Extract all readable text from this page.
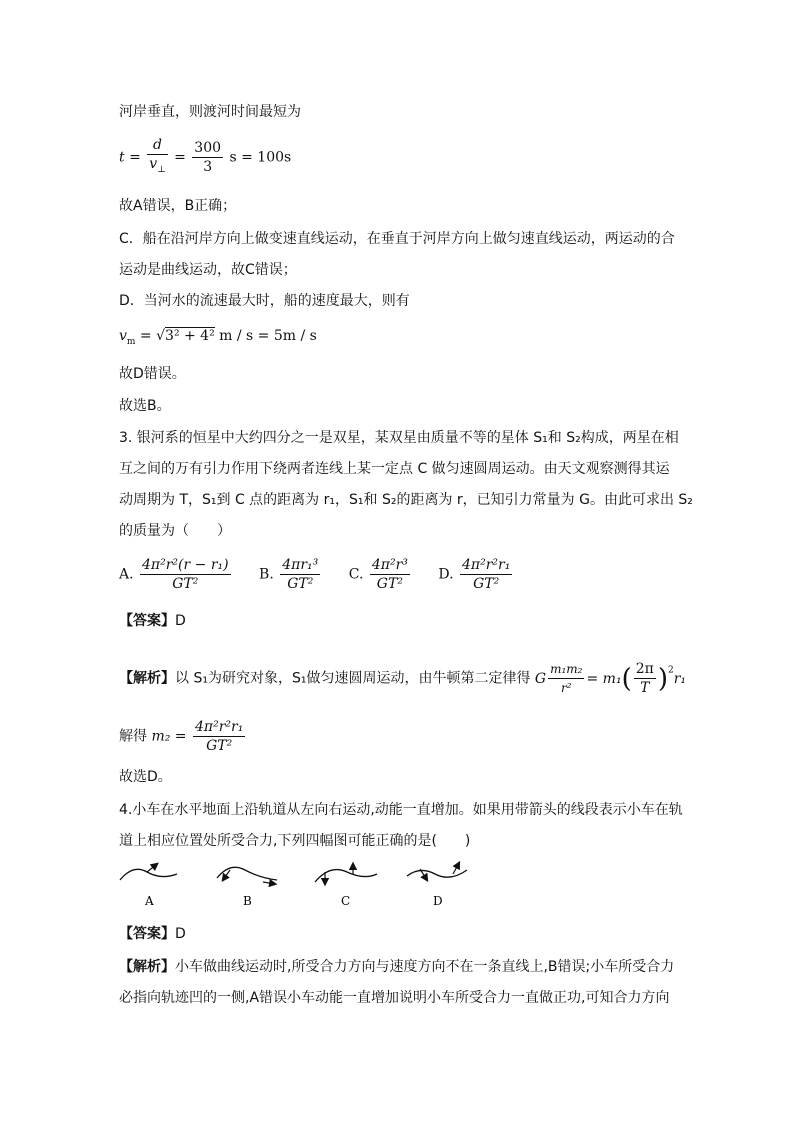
河岸垂直，则渡河时间最短为
$t = \frac{d}{v_\perp} = \frac{300}{3}$ s = 100s
故A错误，B正确；
C．船在沿河岸方向上做变速直线运动，在垂直于河岸方向上做匀速直线运动，两运动的合
运动是曲线运动，故C错误；
D．当河水的流速最大时，船的速度最大，则有
$v_m = √3^2 + 4^2$ m / s = 5m / s
故D错误。
故选B。
3. 银河系的恒星中大约四分之一是双星，某双星由质量不等的星体 S₁和 S₂构成，两星在相
互之间的万有引力作用下绕两者连线上某一定点 C 做匀速圆周运动。由天文观察测得其运
动周期为 T，S₁到 C 点的距离为 r₁，S₁和 S₂的距离为 r，已知引力常量为 G。由此可求出 S₂
的质量为（　　）
A. $\frac{\text{4π²r²(r − r₁)}}{\text{GT²}} B$. $\frac{\text{4πr₁³}}{\text{GT²}} C$. $\frac{\text{4π²r³}}{\text{GT²}} D$. $\frac{\text{4π²r²r₁}}{\text{GT²}}$
【答案】D
【解析】以 S₁为研究对象，S₁做匀速圆周运动，由牛顿第二定律得 G $\frac{\text{m₁m₂}}{\text{r²}} = m_1( \frac{2\pi}{T} )^2r_1$
解得 $m_2 = \frac{\text{4π²r²r₁}}{\text{GT²}}$
故选D。
4.小车在水平地面上沿轨道从左向右运动,动能一直增加。如果用带箭头的线段表示小车在轨
道上相应位置处所受合力,下列四幅图可能正确的是(　　)
A	B	C	D
【答案】D
【解析】小车做曲线运动时,所受合力方向与速度方向不在一条直线上,B错误;小车所受合力
必指向轨迹凹的一侧,A错误小车动能一直增加说明小车所受合力一直做正功,可知合力方向
